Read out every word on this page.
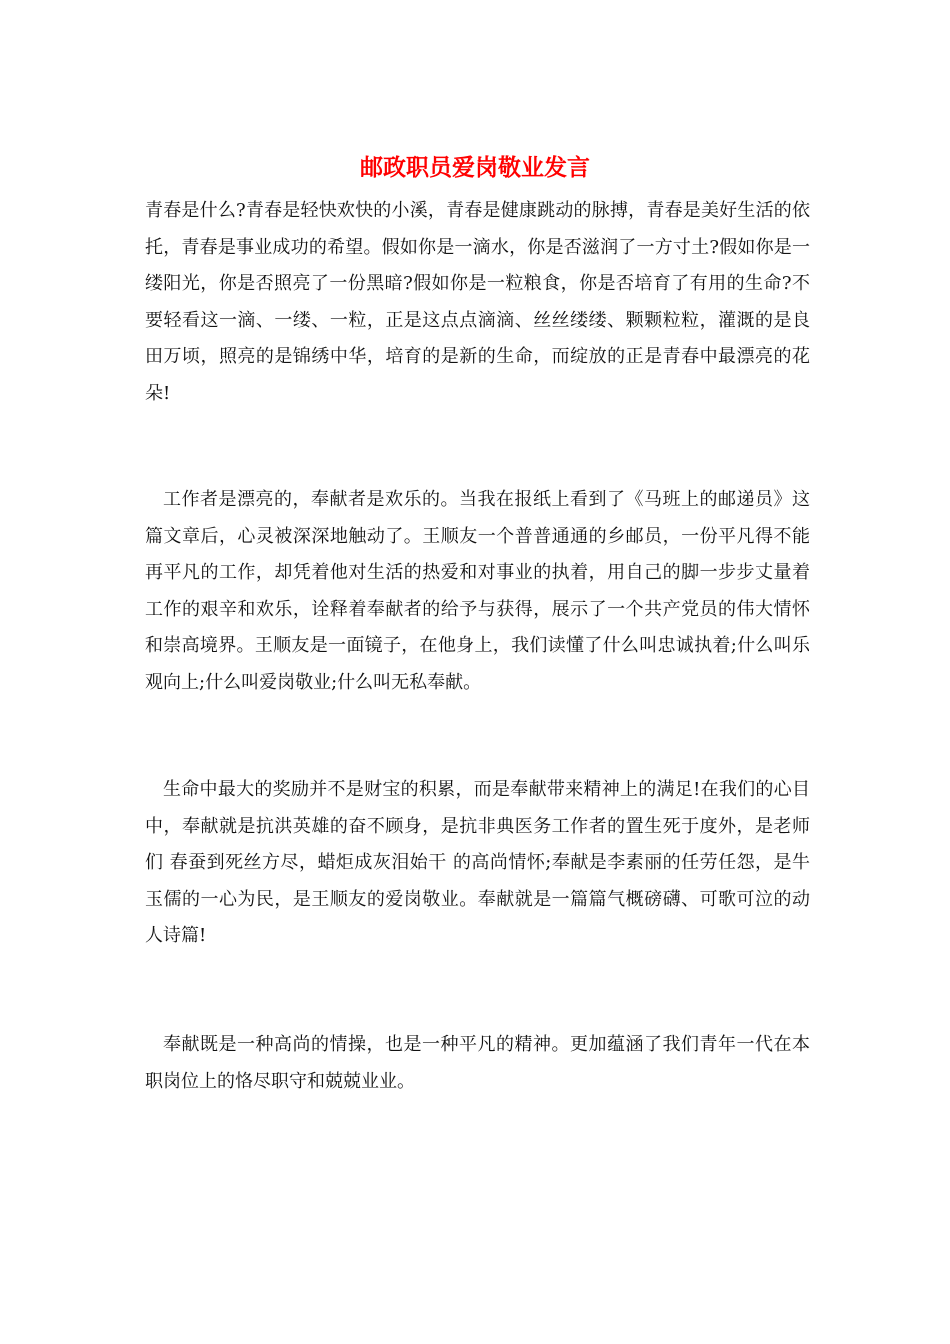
邮政职员爱岗敬业发言

青春是什么?青春是轻快欢快的小溪，青春是健康跳动的脉搏，青春是美好生活的依托，青春是事业成功的希望。假如你是一滴水，你是否滋润了一方寸土?假如你是一缕阳光，你是否照亮了一份黑暗?假如你是一粒粮食，你是否培育了有用的生命?不要轻看这一滴、一缕、一粒，正是这点点滴滴、丝丝缕缕、颗颗粒粒，灌溉的是良田万顷，照亮的是锦绣中华，培育的是新的生命，而绽放的正是青春中最漂亮的花朵!

工作者是漂亮的，奉献者是欢乐的。当我在报纸上看到了《马班上的邮递员》这篇文章后，心灵被深深地触动了。王顺友一个普普通通的乡邮员，一份平凡得不能再平凡的工作，却凭着他对生活的热爱和对事业的执着，用自己的脚一步步丈量着工作的艰辛和欢乐，诠释着奉献者的给予与获得，展示了一个共产党员的伟大情怀和崇高境界。王顺友是一面镜子，在他身上，我们读懂了什么叫忠诚执着;什么叫乐观向上;什么叫爱岗敬业;什么叫无私奉献。

生命中最大的奖励并不是财宝的积累，而是奉献带来精神上的满足!在我们的心目中，奉献就是抗洪英雄的奋不顾身，是抗非典医务工作者的置生死于度外，是老师们 春蚕到死丝方尽，蜡炬成灰泪始干 的高尚情怀;奉献是李素丽的任劳任怨，是牛玉儒的一心为民，是王顺友的爱岗敬业。奉献就是一篇篇气概磅礴、可歌可泣的动人诗篇!

奉献既是一种高尚的情操，也是一种平凡的精神。更加蕴涵了我们青年一代在本职岗位上的恪尽职守和兢兢业业。
